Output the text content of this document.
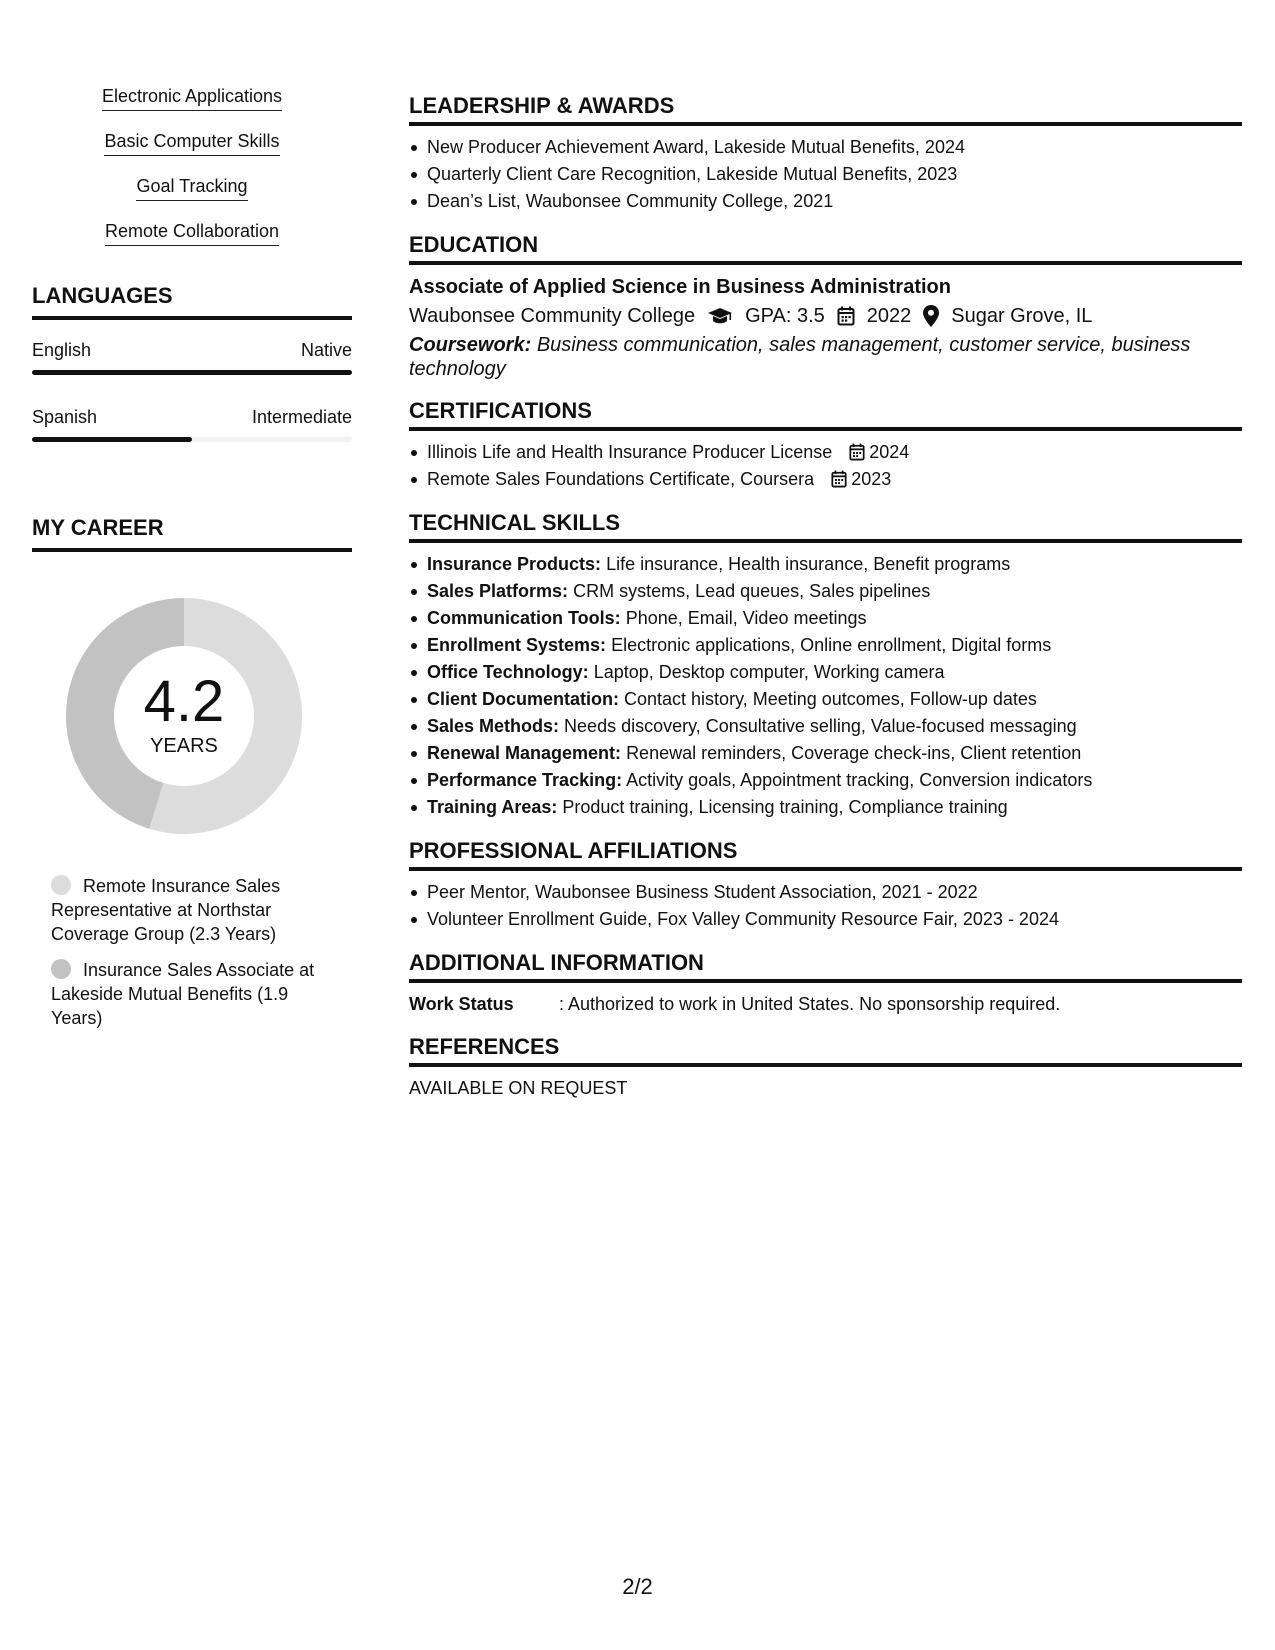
Electronic Applications
Basic Computer Skills
Goal Tracking
Remote Collaboration
LANGUAGES
English	Native
Spanish	Intermediate
MY CAREER
4.2
YEARS
Remote Insurance Sales Representative at Northstar Coverage Group (2.3 Years)
Insurance Sales Associate at Lakeside Mutual Benefits (1.9 Years)
LEADERSHIP & AWARDS
New Producer Achievement Award, Lakeside Mutual Benefits, 2024
Quarterly Client Care Recognition, Lakeside Mutual Benefits, 2023
Dean’s List, Waubonsee Community College, 2021
EDUCATION
Associate of Applied Science in Business Administration
Waubonsee Community College	GPA: 3.5 2022 Sugar Grove, IL
Coursework: Business communication, sales management, customer service, business technology
CERTIFICATIONS
Illinois Life and Health Insurance Producer License 2024
Remote Sales Foundations Certificate, Coursera 2023
TECHNICAL SKILLS
Insurance Products: Life insurance, Health insurance, Benefit programs
Sales Platforms: CRM systems, Lead queues, Sales pipelines
Communication Tools: Phone, Email, Video meetings
Enrollment Systems: Electronic applications, Online enrollment, Digital forms
Office Technology: Laptop, Desktop computer, Working camera
Client Documentation: Contact history, Meeting outcomes, Follow-up dates
Sales Methods: Needs discovery, Consultative selling, Value-focused messaging
Renewal Management: Renewal reminders, Coverage check-ins, Client retention
Performance Tracking: Activity goals, Appointment tracking, Conversion indicators
Training Areas: Product training, Licensing training, Compliance training
PROFESSIONAL AFFILIATIONS
Peer Mentor, Waubonsee Business Student Association, 2021 - 2022
Volunteer Enrollment Guide, Fox Valley Community Resource Fair, 2023 - 2024
ADDITIONAL INFORMATION
Work Status	: Authorized to work in United States. No sponsorship required.
REFERENCES
AVAILABLE ON REQUEST
2/2
